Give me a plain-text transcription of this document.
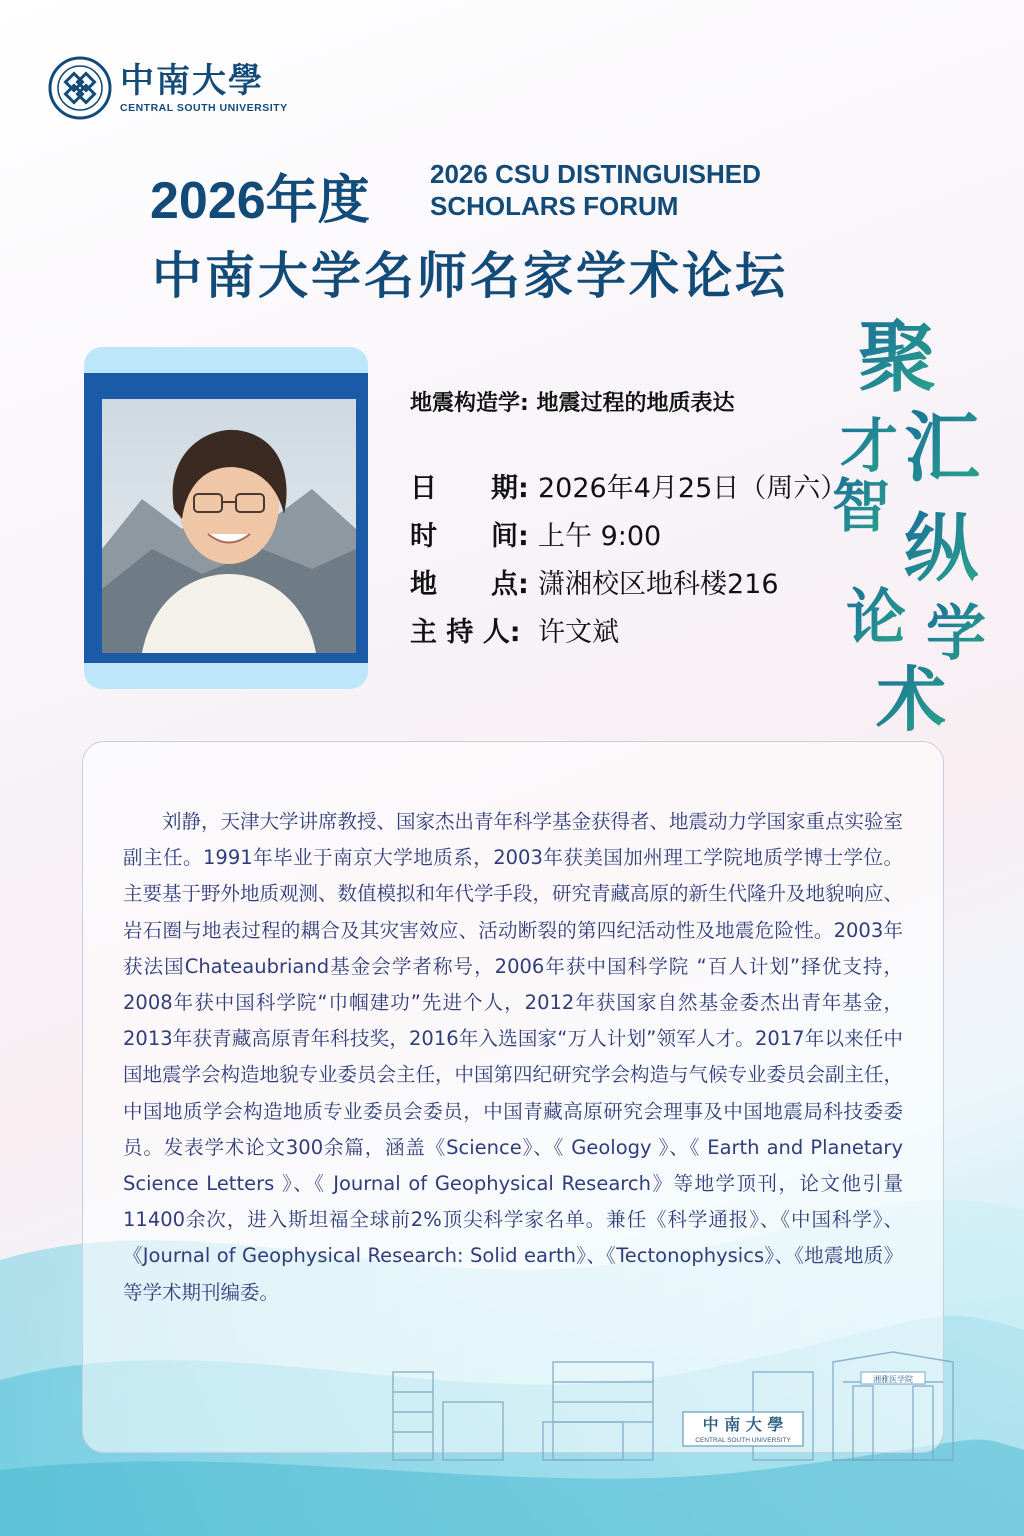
中南大學
CENTRAL SOUTH UNIVERSITY
2026年度 2026 CSU DISTINGUISHED
SCHOLARS FORUM
中南大学名师名家学术论坛
地震构造学: 地震过程的地质表达
日　　期: 2026年4月25日（周六）
时　　间: 上午 9:00
地　　点: 潇湘校区地科楼216
主 持 人: 许文斌
聚
汇
才
智 纵
论 学
术
刘静，天津大学讲席教授、国家杰出青年科学基金获得者、地震动力学国家重点实验室副主任。1991年毕业于南京大学地质系，2003年获美国加州理工学院地质学博士学位。主要基于野外地质观测、数值模拟和年代学手段，研究青藏高原的新生代隆升及地貌响应、岩石圈与地表过程的耦合及其灾害效应、活动断裂的第四纪活动性及地震危险性。2003年获法国Chateaubriand基金会学者称号，2006年获中国科学院 “百人计划”择优支持，2008年获中国科学院“巾帼建功”先进个人，2012年获国家自然基金委杰出青年基金，2013年获青藏高原青年科技奖，2016年入选国家“万人计划”领军人才。2017年以来任中国地震学会构造地貌专业委员会主任，中国第四纪研究学会构造与气候专业委员会副主任，中国地质学会构造地质专业委员会委员，中国青藏高原研究会理事及中国地震局科技委委员。发表学术论文300余篇，涵盖《Science》、《 Geology 》、《 Earth and Planetary Science Letters 》、《 Journal of Geophysical Research》等地学顶刊，论文他引量11400余次，进入斯坦福全球前2%顶尖科学家名单。兼任《科学通报》、《中国科学》、《Journal of Geophysical Research: Solid earth》、《Tectonophysics》、《地震地质》等学术期刊编委。
中 南 大 學
CENTRAL SOUTH UNIVERSITY
湘雅医学院
